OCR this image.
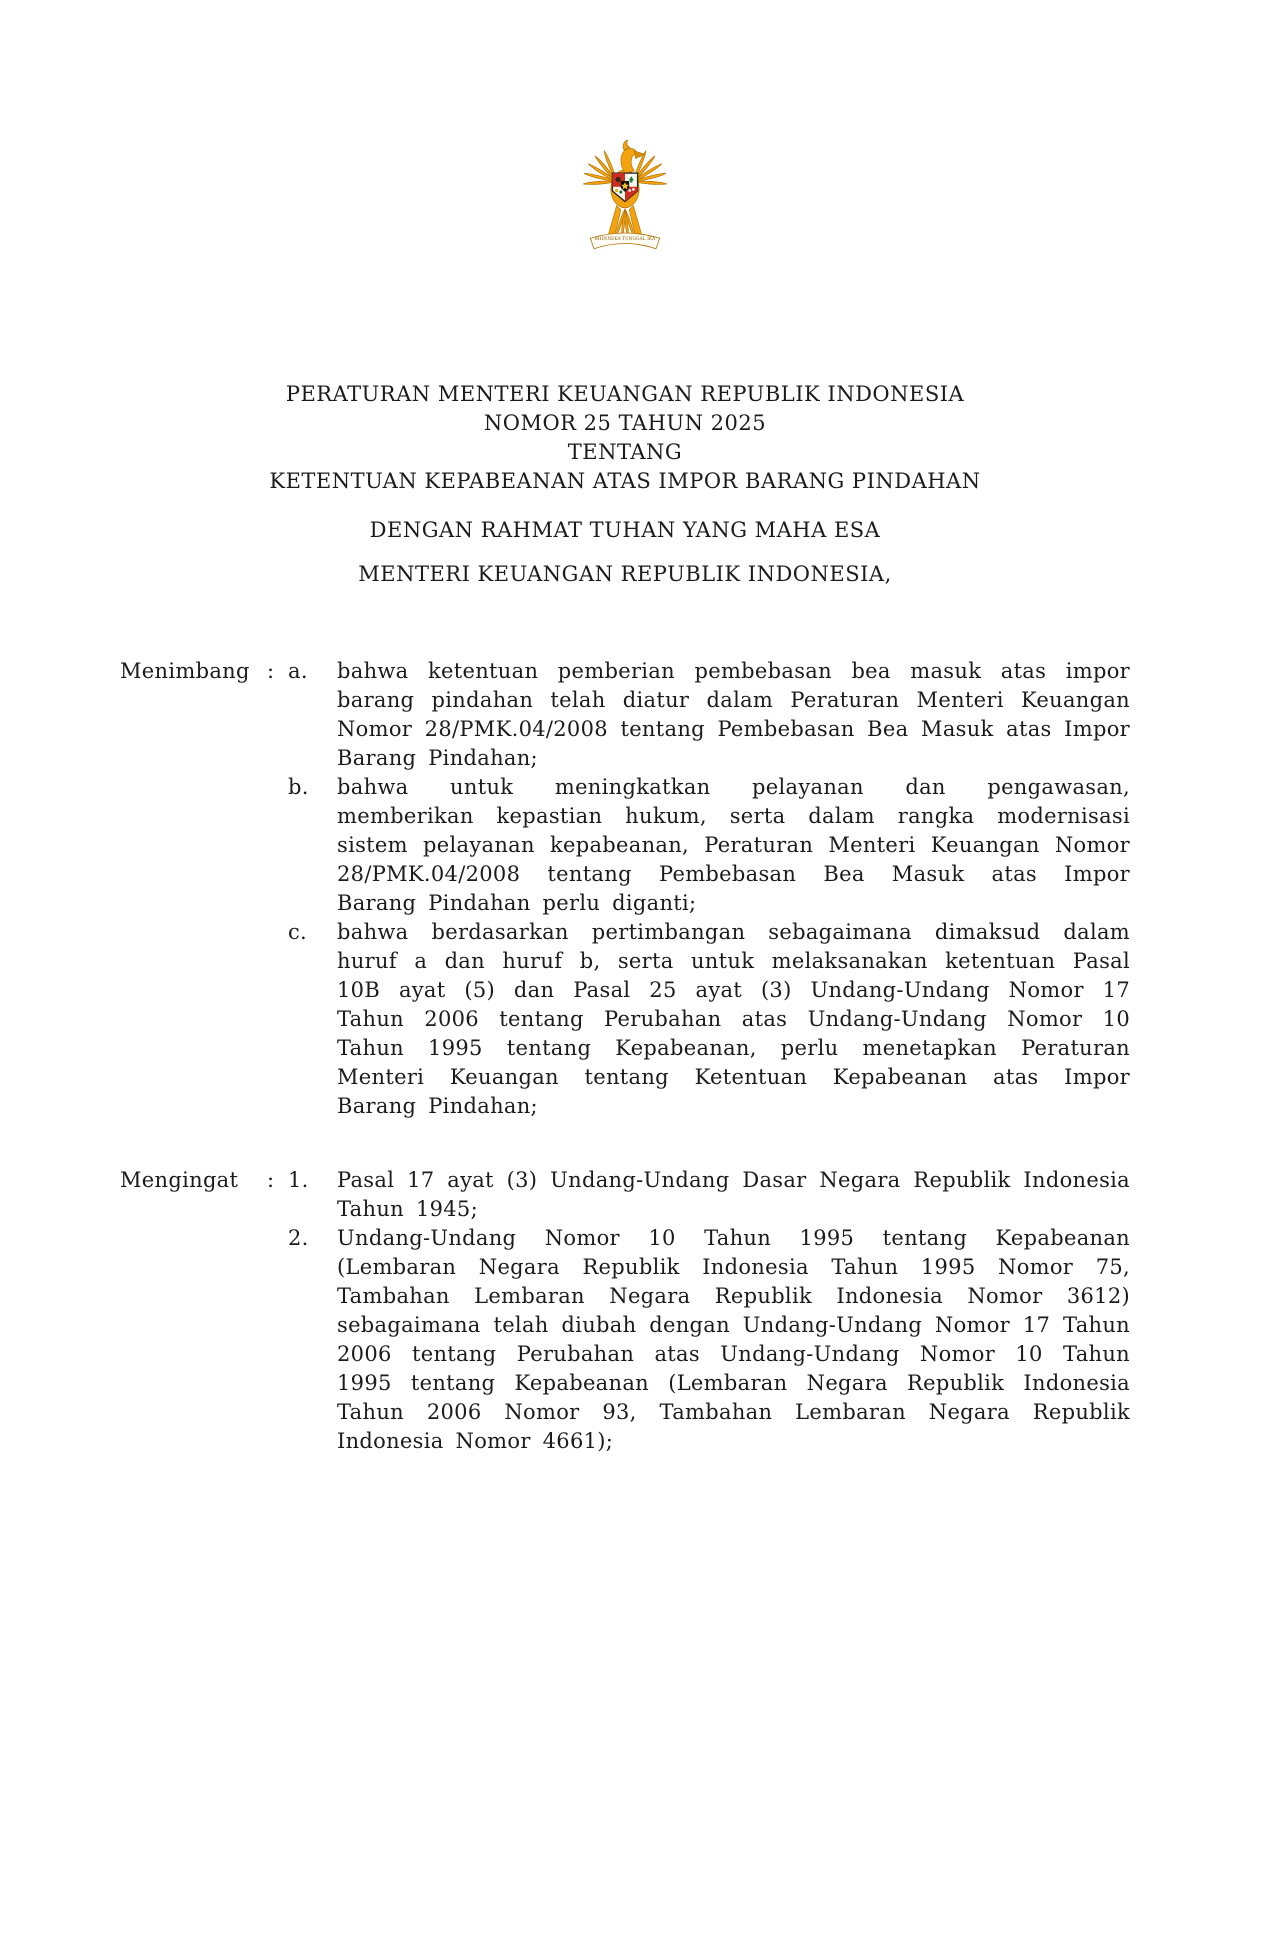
BHINNEKA TUNGGAL IKA
PERATURAN MENTERI KEUANGAN REPUBLIK INDONESIA
NOMOR 25 TAHUN 2025
TENTANG
KETENTUAN KEPABEANAN ATAS IMPOR BARANG PINDAHAN
DENGAN RAHMAT TUHAN YANG MAHA ESA
MENTERI KEUANGAN REPUBLIK INDONESIA,
Menimbang : a.	bahwa ketentuan pemberian pembebasan bea masuk atas impor barang pindahan telah diatur dalam Peraturan Menteri Keuangan Nomor 28/PMK.04/2008 tentang Pembebasan Bea Masuk atas Impor Barang Pindahan;
b.	bahwa untuk meningkatkan pelayanan dan pengawasan, memberikan kepastian hukum, serta dalam rangka modernisasi sistem pelayanan kepabeanan, Peraturan Menteri Keuangan Nomor 28/PMK.04/2008 tentang Pembebasan Bea Masuk atas Impor Barang Pindahan perlu diganti;
c.	bahwa berdasarkan pertimbangan sebagaimana dimaksud dalam huruf a dan huruf b, serta untuk melaksanakan ketentuan Pasal 10B ayat (5) dan Pasal 25 ayat (3) Undang-Undang Nomor 17 Tahun 2006 tentang Perubahan atas Undang-Undang Nomor 10 Tahun 1995 tentang Kepabeanan, perlu menetapkan Peraturan Menteri Keuangan tentang Ketentuan Kepabeanan atas Impor Barang Pindahan;
Mengingat	: 1.	Pasal 17 ayat (3) Undang-Undang Dasar Negara Republik Indonesia Tahun 1945;
2.	Undang-Undang Nomor 10 Tahun 1995 tentang Kepabeanan (Lembaran Negara Republik Indonesia Tahun 1995 Nomor 75, Tambahan Lembaran Negara Republik Indonesia Nomor 3612) sebagaimana telah diubah dengan Undang-Undang Nomor 17 Tahun 2006 tentang Perubahan atas Undang-Undang Nomor 10 Tahun 1995 tentang Kepabeanan (Lembaran Negara Republik Indonesia Tahun 2006 Nomor 93, Tambahan Lembaran Negara Republik Indonesia Nomor 4661);
